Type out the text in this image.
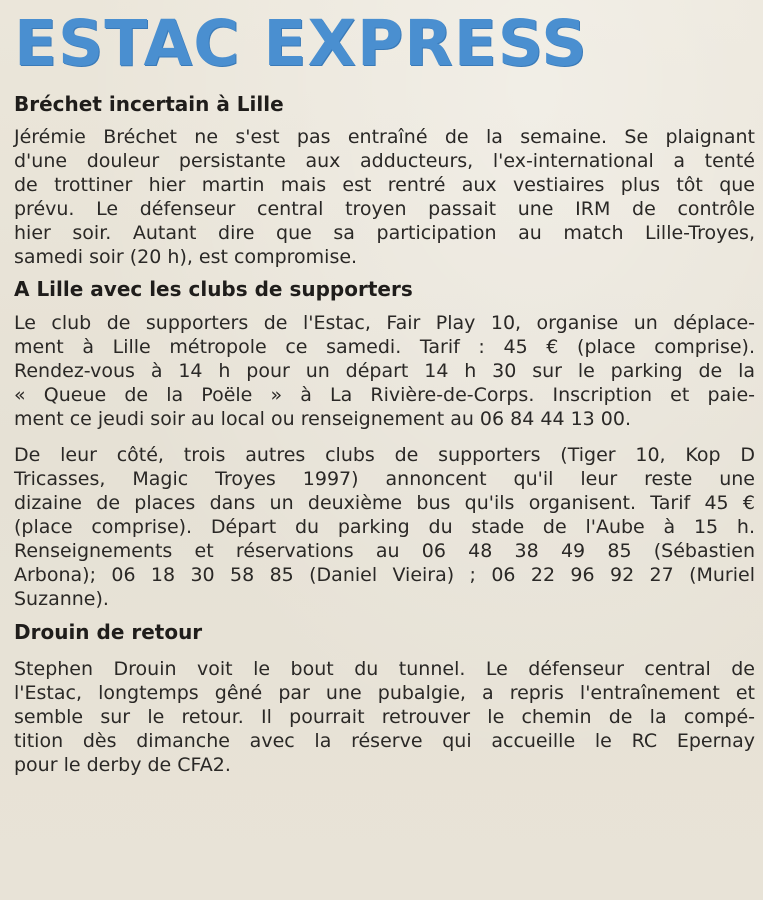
ESTAC EXPRESS
Bréchet incertain à Lille
Jérémie Bréchet ne s'est pas entraîné de la semaine. Se plaignant
d'une douleur persistante aux adducteurs, l'ex-international a tenté
de trottiner hier martin mais est rentré aux vestiaires plus tôt que
prévu. Le défenseur central troyen passait une IRM de contrôle
hier soir. Autant dire que sa participation au match Lille-Troyes,
samedi soir (20 h), est compromise.
A Lille avec les clubs de supporters
Le club de supporters de l'Estac, Fair Play 10, organise un déplace-
ment à Lille métropole ce samedi. Tarif : 45 € (place comprise).
Rendez-vous à 14 h pour un départ 14 h 30 sur le parking de la
« Queue de la Poële » à La Rivière-de-Corps. Inscription et paie-
ment ce jeudi soir au local ou renseignement au 06 84 44 13 00.
De leur côté, trois autres clubs de supporters (Tiger 10, Kop D
Tricasses, Magic Troyes 1997) annoncent qu'il leur reste une
dizaine de places dans un deuxième bus qu'ils organisent. Tarif 45 €
(place comprise). Départ du parking du stade de l'Aube à 15 h.
Renseignements et réservations au 06 48 38 49 85 (Sébastien
Arbona); 06 18 30 58 85 (Daniel Vieira) ; 06 22 96 92 27 (Muriel
Suzanne).
Drouin de retour
Stephen Drouin voit le bout du tunnel. Le défenseur central de
l'Estac, longtemps gêné par une pubalgie, a repris l'entraînement et
semble sur le retour. Il pourrait retrouver le chemin de la compé-
tition dès dimanche avec la réserve qui accueille le RC Epernay
pour le derby de CFA2.
